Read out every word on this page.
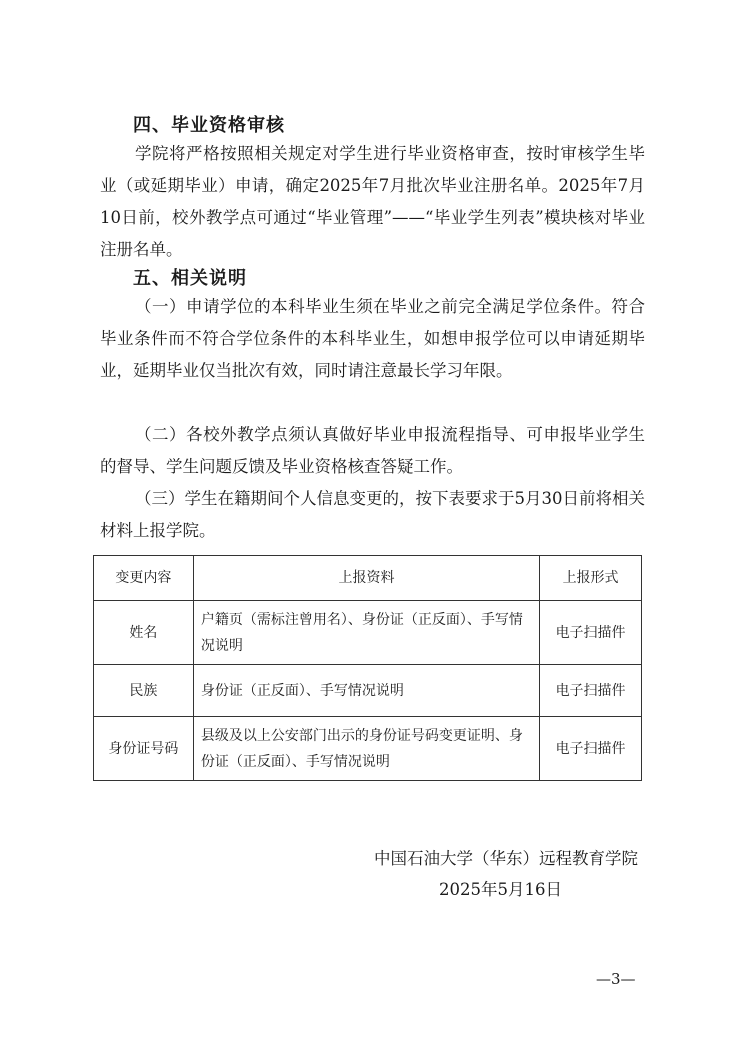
四、毕业资格审核

学院将严格按照相关规定对学生进行毕业资格审查，按时审核学生毕业（或延期毕业）申请，确定2025年7月批次毕业注册名单。2025年7月10日前，校外教学点可通过“毕业管理”——“毕业学生列表”模块核对毕业注册名单。

五、相关说明

（一）申请学位的本科毕业生须在毕业之前完全满足学位条件。符合毕业条件而不符合学位条件的本科毕业生，如想申报学位可以申请延期毕业，延期毕业仅当批次有效，同时请注意最长学习年限。

（二）各校外教学点须认真做好毕业申报流程指导、可申报毕业学生的督导、学生问题反馈及毕业资格核查答疑工作。

（三）学生在籍期间个人信息变更的，按下表要求于5月30日前将相关材料上报学院。

变更内容	上报资料	上报形式
姓名	户籍页（需标注曾用名）、身份证（正反面）、手写情况说明	电子扫描件
民族	身份证（正反面）、手写情况说明	电子扫描件
身份证号码	县级及以上公安部门出示的身份证号码变更证明、身份证（正反面）、手写情况说明	电子扫描件
中国石油大学（华东）远程教育学院
2025年5月16日
—3—
